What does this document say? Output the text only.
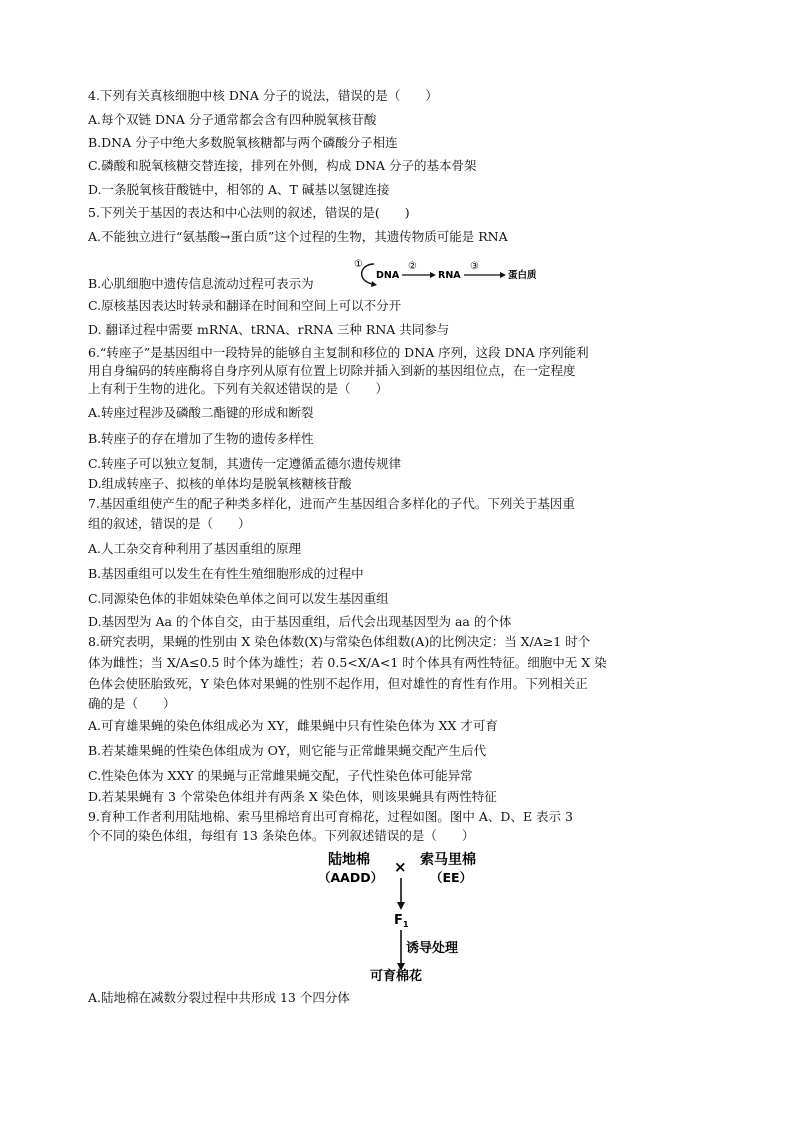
4.下列有关真核细胞中核 DNA 分子的说法，错误的是（　　）
A.每个双链 DNA 分子通常都会含有四种脱氧核苷酸
B.DNA 分子中绝大多数脱氧核糖都与两个磷酸分子相连
C.磷酸和脱氧核糖交替连接，排列在外侧，构成 DNA 分子的基本骨架
D.一条脱氧核苷酸链中，相邻的 A、T 碱基以氢键连接
5.下列关于基因的表达和中心法则的叙述，错误的是(　　)
A.不能独立进行“氨基酸→蛋白质”这个过程的生物，其遗传物质可能是 RNA
B.心肌细胞中遗传信息流动过程可表示为
①
DNA
②
RNA
③
蛋白质
C.原核基因表达时转录和翻译在时间和空间上可以不分开
D. 翻译过程中需要 mRNA、tRNA、rRNA 三种 RNA 共同参与
6.“转座子”是基因组中一段特异的能够自主复制和移位的 DNA 序列，这段 DNA 序列能利
用自身编码的转座酶将自身序列从原有位置上切除并插入到新的基因组位点，在一定程度
上有利于生物的进化。下列有关叙述错误的是（　　）
A.转座过程涉及磷酸二酯键的形成和断裂
B.转座子的存在增加了生物的遗传多样性
C.转座子可以独立复制，其遗传一定遵循孟德尔遗传规律
D.组成转座子、拟核的单体均是脱氧核糖核苷酸
7.基因重组使产生的配子种类多样化，进而产生基因组合多样化的子代。下列关于基因重
组的叙述，错误的是（　　）
A.人工杂交育种利用了基因重组的原理
B.基因重组可以发生在有性生殖细胞形成的过程中
C.同源染色体的非姐妹染色单体之间可以发生基因重组
D.基因型为 Aa 的个体自交，由于基因重组，后代会出现基因型为 aa 的个体
8.研究表明，果蝇的性别由 X 染色体数(X)与常染色体组数(A)的比例决定：当 X/A≥1 时个
体为雌性；当 X/A≤0.5 时个体为雄性；若 0.5<X/A<1 时个体具有两性特征。细胞中无 X 染
色体会使胚胎致死，Y 染色体对果蝇的性别不起作用，但对雄性的育性有作用。下列相关正
确的是（　　）
A.可育雄果蝇的染色体组成必为 XY，雌果蝇中只有性染色体为 XX 才可育
B.若某雄果蝇的性染色体组成为 OY，则它能与正常雌果蝇交配产生后代
C.性染色体为 XXY 的果蝇与正常雌果蝇交配，子代性染色体可能异常
D.若某果蝇有 3 个常染色体组并有两条 X 染色体，则该果蝇具有两性特征
9.育种工作者利用陆地棉、索马里棉培育出可育棉花，过程如图。图中 A、D、E 表示 3
个不同的染色体组，每组有 13 条染色体。下列叙述错误的是（　　）
陆地棉
（AADD）
× 索马里棉
（EE）
F 1
诱导处理
可育棉花
A.陆地棉在减数分裂过程中共形成 13 个四分体
